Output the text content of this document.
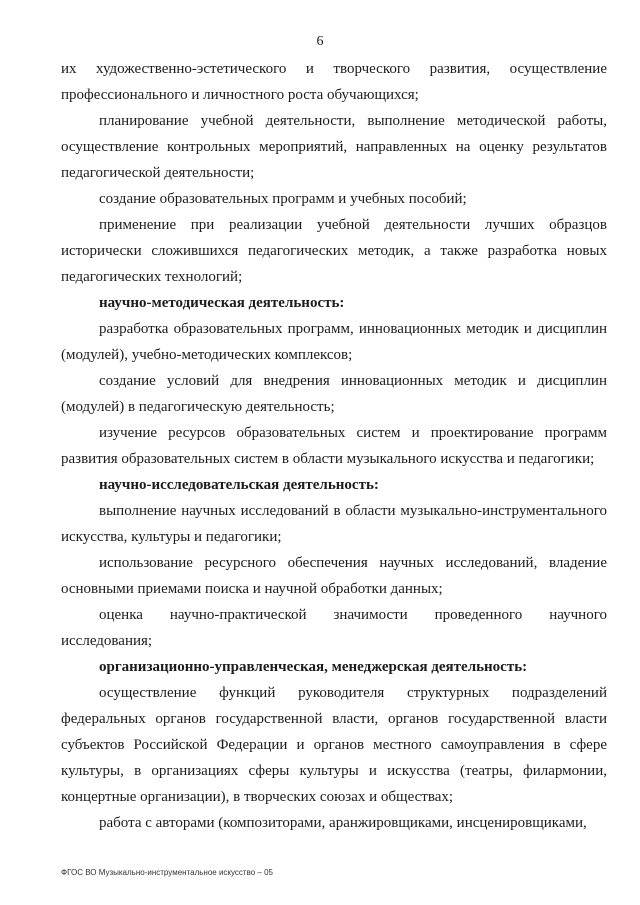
6

их художественно-эстетического и творческого развития, осуществление профессионального и личностного роста обучающихся;

планирование учебной деятельности, выполнение методической работы, осуществление контрольных мероприятий, направленных на оценку результатов педагогической деятельности;

создание образовательных программ и учебных пособий;

применение при реализации учебной деятельности лучших образцов исторически сложившихся педагогических методик, а также разработка новых педагогических технологий;

научно-методическая деятельность:

разработка образовательных программ, инновационных методик и дисциплин (модулей), учебно-методических комплексов;

создание условий для внедрения инновационных методик и дисциплин (модулей) в педагогическую деятельность;

изучение ресурсов образовательных систем и проектирование программ развития образовательных систем в области музыкального искусства и педагогики;

научно-исследовательская деятельность:

выполнение научных исследований в области музыкально-инструментального искусства, культуры и педагогики;

использование ресурсного обеспечения научных исследований, владение основными приемами поиска и научной обработки данных;

оценка научно-практической значимости проведенного научного исследования;

организационно-управленческая, менеджерская деятельность:

осуществление функций руководителя структурных подразделений федеральных органов государственной власти, органов государственной власти субъектов Российской Федерации и органов местного самоуправления в сфере культуры, в организациях сферы культуры и искусства (театры, филармонии, концертные организации), в творческих союзах и обществах;

работа с авторами (композиторами, аранжировщиками, инсценировщиками,

ФГОС ВО Музыкально-инструментальное искусство – 05
